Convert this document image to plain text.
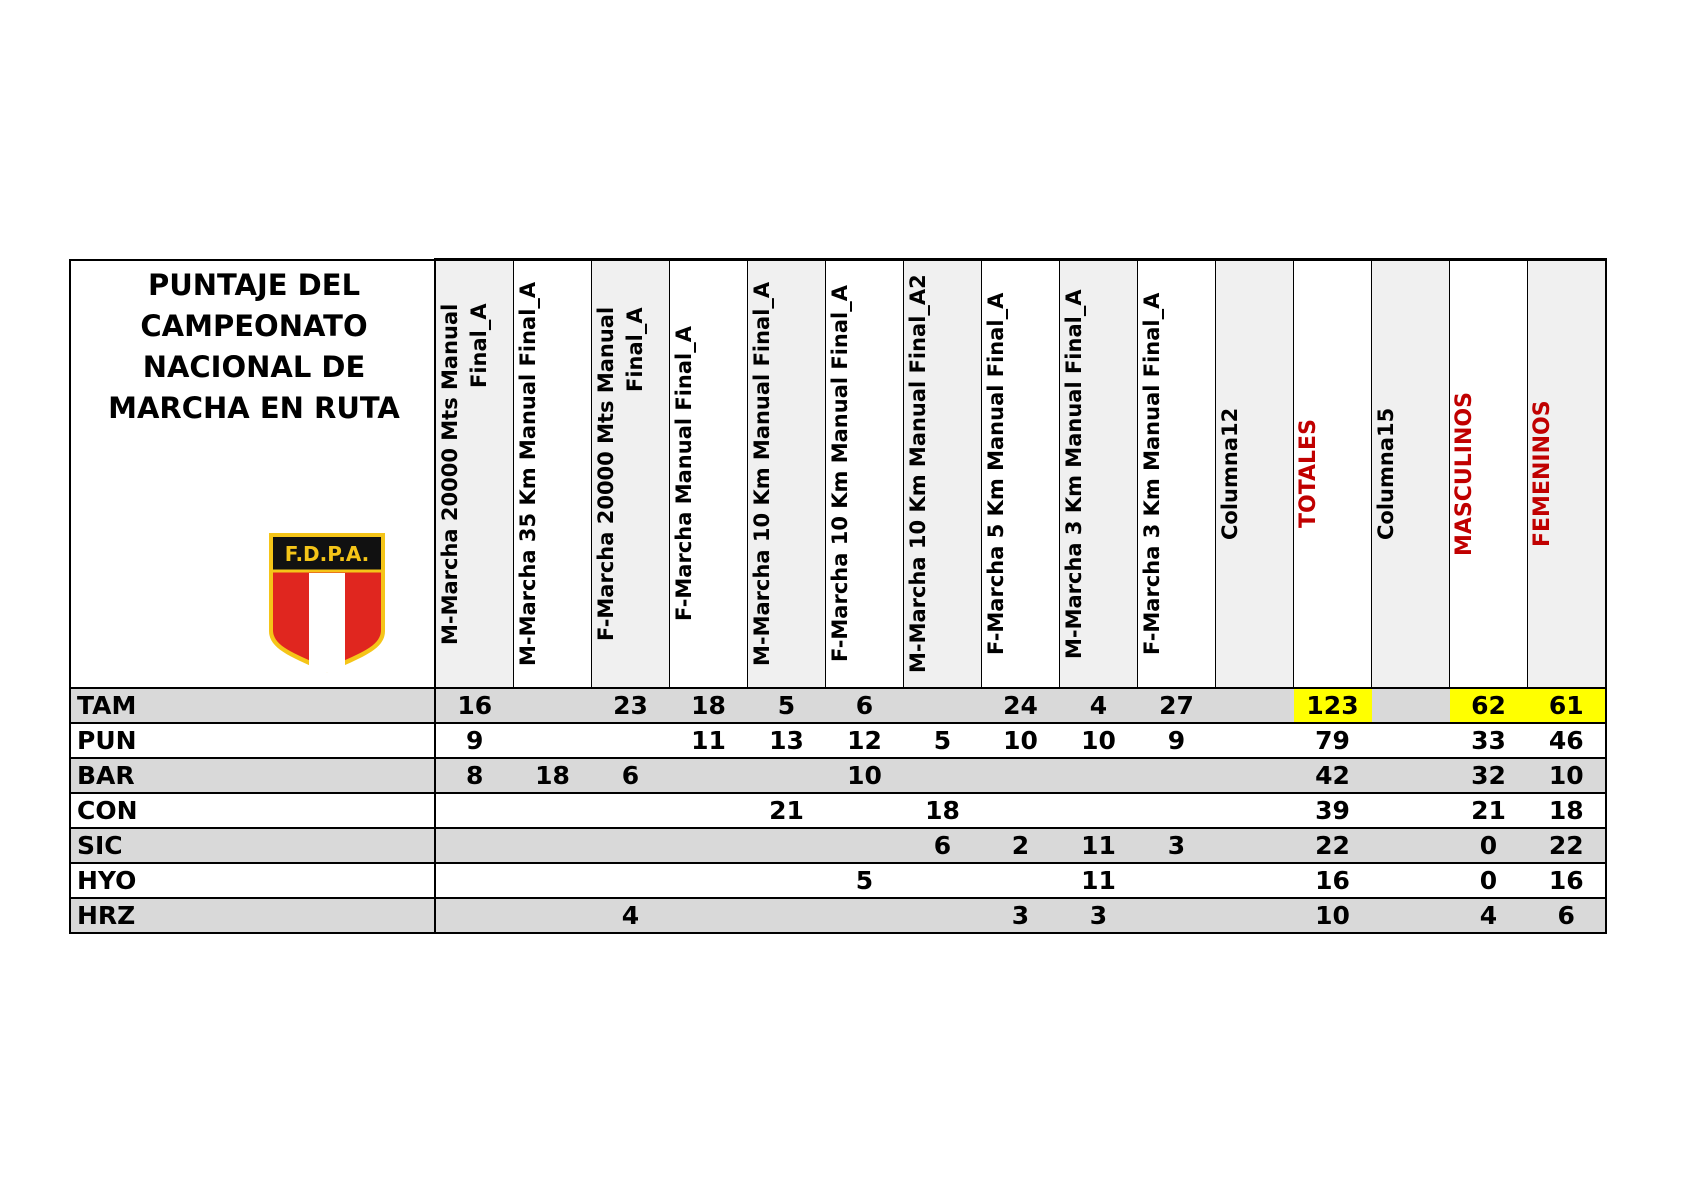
PUNTAJE DEL
CAMPEONATO
NACIONAL DE
MARCHA EN RUTA
F.D.P.A.	M-Marcha 20000 Mts Manual
Final_A	M-Marcha 35 Km Manual Final_A	F-Marcha 20000 Mts Manual
Final_A	F-Marcha Manual Final_A	M-Marcha 10 Km Manual Final_A	F-Marcha 10 Km Manual Final_A	M-Marcha 10 Km Manual Final_A2	F-Marcha 5 Km Manual Final_A	M-Marcha 3 Km Manual Final_A	F-Marcha 3 Km Manual Final_A	Columna12	TOTALES	Columna15	MASCULINOS	FEMENINOS

TAM	16		23	18	5	6		24	4	27		123		62	61
PUN	9			11	13	12	5	10	10	9		79		33	46
BAR	8	18	6			10						42		32	10
CON					21		18					39		21	18
SIC							6	2	11	3		22		0	22
HYO						5			11			16		0	16
HRZ			4					3	3			10		4	6
